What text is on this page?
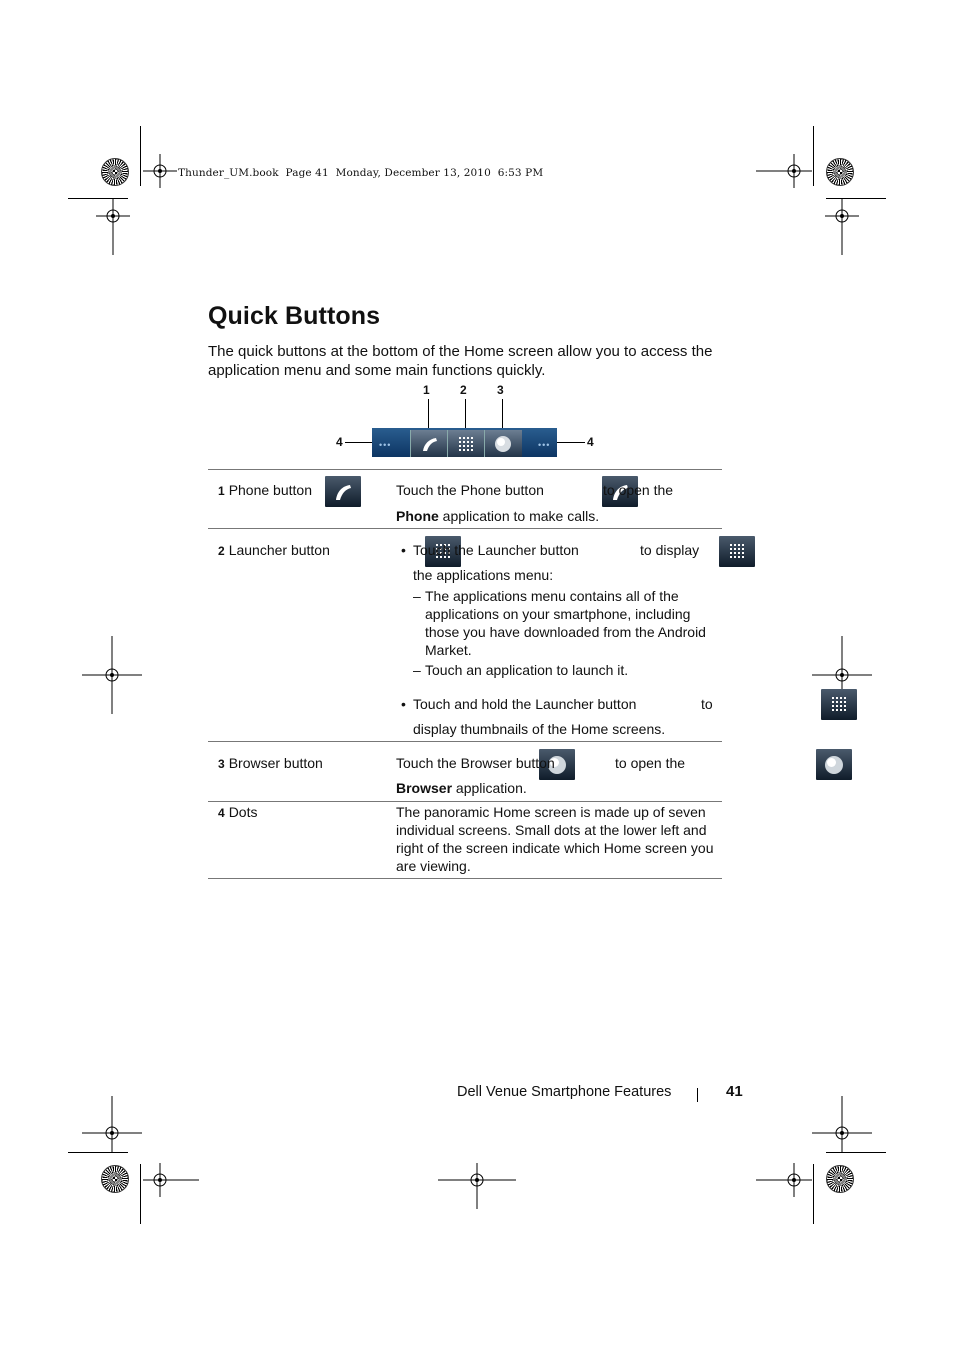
Thunder_UM.book  Page 41  Monday, December 13, 2010  6:53 PM
Quick Buttons

The quick buttons at the bottom of the Home screen allow you to access the application menu and some main functions quickly.

1	2	3
4	4
•••	•••
1 Phone button
	Touch the Phone button
	to open the
Phone application to make calls.
2 Launcher button
	• Touch the Launcher button
	to display
the applications menu:
– The applications menu contains all of the applications on your smartphone, including those you have downloaded from the Android Market.
– Touch an application to launch it.
• Touch and hold the Launcher button
	to
display thumbnails of the Home screens.
3 Browser button
	Touch the Browser button	to open the
Browser application.
4 Dots	The panoramic Home screen is made up of seven individual screens. Small dots at the lower left and right of the screen indicate which Home screen you are viewing.
Dell Venue Smartphone Features	41
